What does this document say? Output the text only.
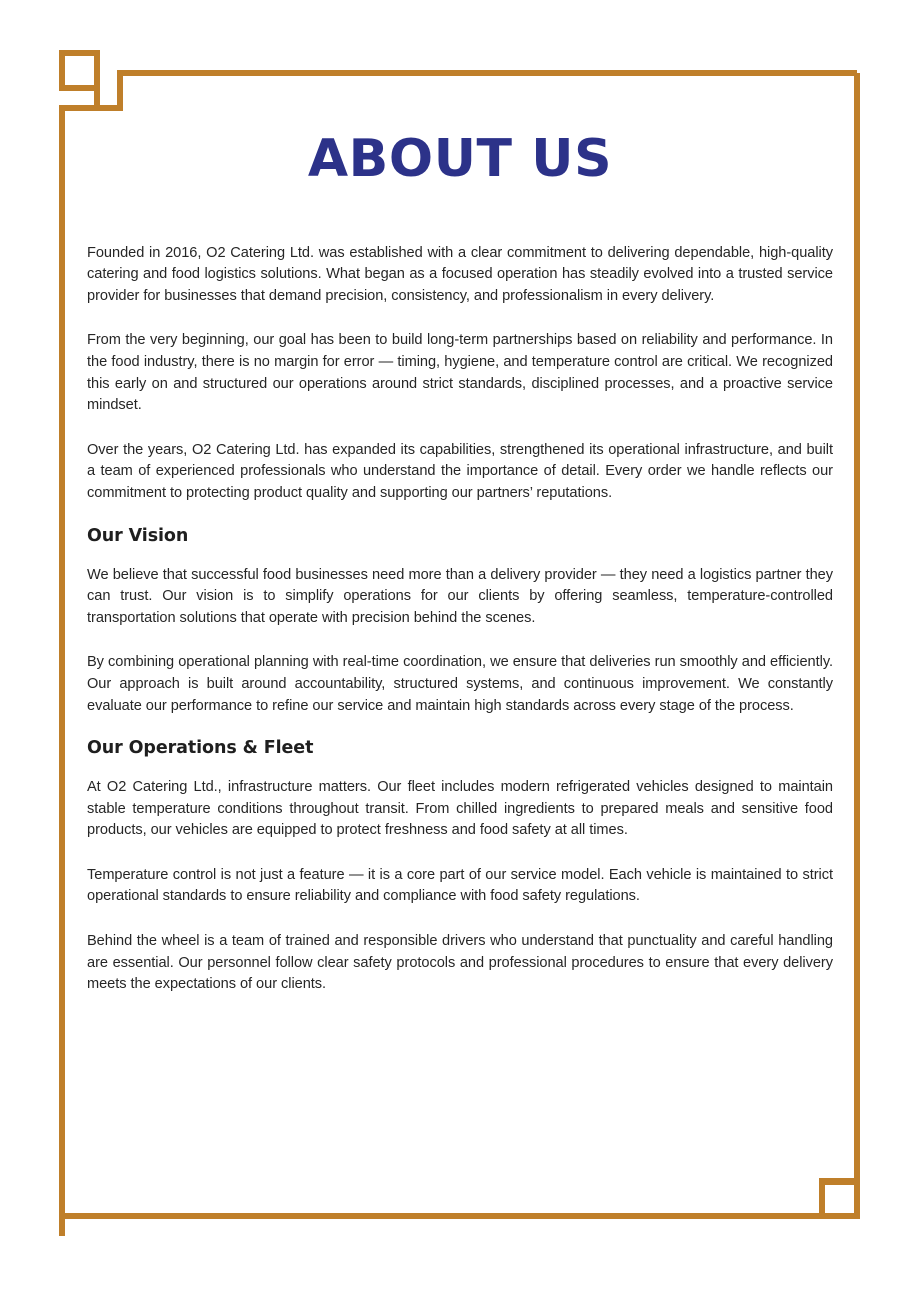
ABOUT US

Founded in 2016, O2 Catering Ltd. was established with a clear commitment to delivering dependable, high-quality catering and food logistics solutions. What began as a focused operation has steadily evolved into a trusted service provider for businesses that demand precision, consistency, and professionalism in every delivery.

From the very beginning, our goal has been to build long-term partnerships based on reliability and performance. In the food industry, there is no margin for error — timing, hygiene, and temperature control are critical. We recognized this early on and structured our operations around strict standards, disciplined processes, and a proactive service mindset.

Over the years, O2 Catering Ltd. has expanded its capabilities, strengthened its operational infrastructure, and built a team of experienced professionals who understand the importance of detail. Every order we handle reflects our commitment to protecting product quality and supporting our partners’ reputations.

Our Vision

We believe that successful food businesses need more than a delivery provider — they need a logistics partner they can trust. Our vision is to simplify operations for our clients by offering seamless, temperature-controlled transportation solutions that operate with precision behind the scenes.

By combining operational planning with real-time coordination, we ensure that deliveries run smoothly and efficiently. Our approach is built around accountability, structured systems, and continuous improvement. We constantly evaluate our performance to refine our service and maintain high standards across every stage of the process.

Our Operations & Fleet

At O2 Catering Ltd., infrastructure matters. Our fleet includes modern refrigerated vehicles designed to maintain stable temperature conditions throughout transit. From chilled ingredients to prepared meals and sensitive food products, our vehicles are equipped to protect freshness and food safety at all times.

Temperature control is not just a feature — it is a core part of our service model. Each vehicle is maintained to strict operational standards to ensure reliability and compliance with food safety regulations.

Behind the wheel is a team of trained and responsible drivers who understand that punctuality and careful handling are essential. Our personnel follow clear safety protocols and professional procedures to ensure that every delivery meets the expectations of our clients.
